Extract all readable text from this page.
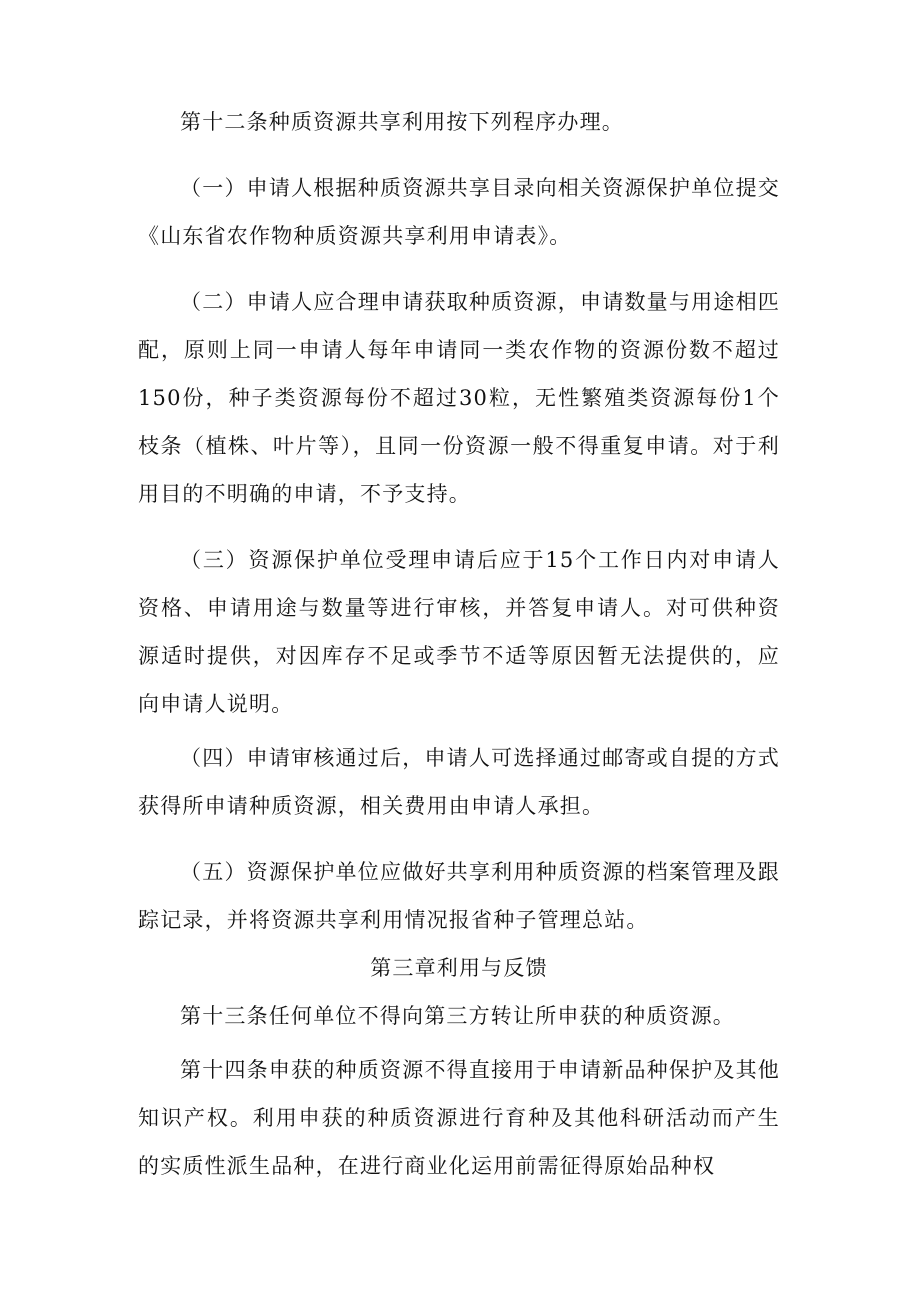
第十二条种质资源共享利用按下列程序办理。

（一）申请人根据种质资源共享目录向相关资源保护单位提交《山东省农作物种质资源共享利用申请表》。

（二）申请人应合理申请获取种质资源，申请数量与用途相匹配，原则上同一申请人每年申请同一类农作物的资源份数不超过150份，种子类资源每份不超过30粒，无性繁殖类资源每份1个枝条（植株、叶片等），且同一份资源一般不得重复申请。对于利用目的不明确的申请，不予支持。

（三）资源保护单位受理申请后应于15个工作日内对申请人资格、申请用途与数量等进行审核，并答复申请人。对可供种资源适时提供，对因库存不足或季节不适等原因暂无法提供的，应向申请人说明。

（四）申请审核通过后，申请人可选择通过邮寄或自提的方式获得所申请种质资源，相关费用由申请人承担。

（五）资源保护单位应做好共享利用种质资源的档案管理及跟踪记录，并将资源共享利用情况报省种子管理总站。

第三章利用与反馈

第十三条任何单位不得向第三方转让所申获的种质资源。

第十四条申获的种质资源不得直接用于申请新品种保护及其他知识产权。利用申获的种质资源进行育种及其他科研活动而产生的实质性派生品种，在进行商业化运用前需征得原始品种权
